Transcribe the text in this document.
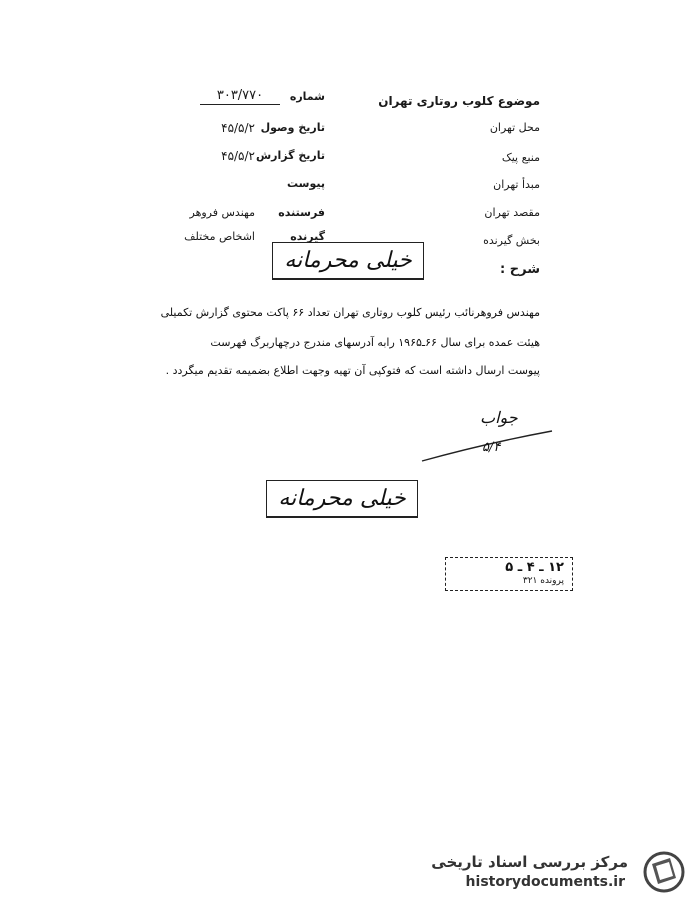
موضوع کلوب روتاری تهران
محل تهران
منبع پیک
مبدأ تهران
مقصد تهران
بخش گیرنده
شماره
۳۰۳/۷۷۰
تاریخ وصول
۴۵/۵/۲
تاریخ گزارش
۴۵/۵/۲
پیوست
فرستنده
مهندس فروهر
گیرنده
اشخاص مختلف
خیلی محرمانه	شرح :
مهندس فروهرنائب رئیس کلوب روتاری تهران تعداد ۶۶ پاکت محتوی گزارش تکمیلی
هیئت عمده برای سال ۶۶ـ۱۹۶۵ رابه آدرسهای مندرج درچهاربرگ فهرست
پیوست ارسال داشته است که فتوکپی آن تهیه وجهت اطلاع بضمیمه تقدیم میگردد .
جواب
۵/۴
خیلی محرمانه
۱۲ ـ ۴ ـ ۵
پرونده ۳۲۱
مرکز بررسی اسناد تاریخی
historydocuments.ir
